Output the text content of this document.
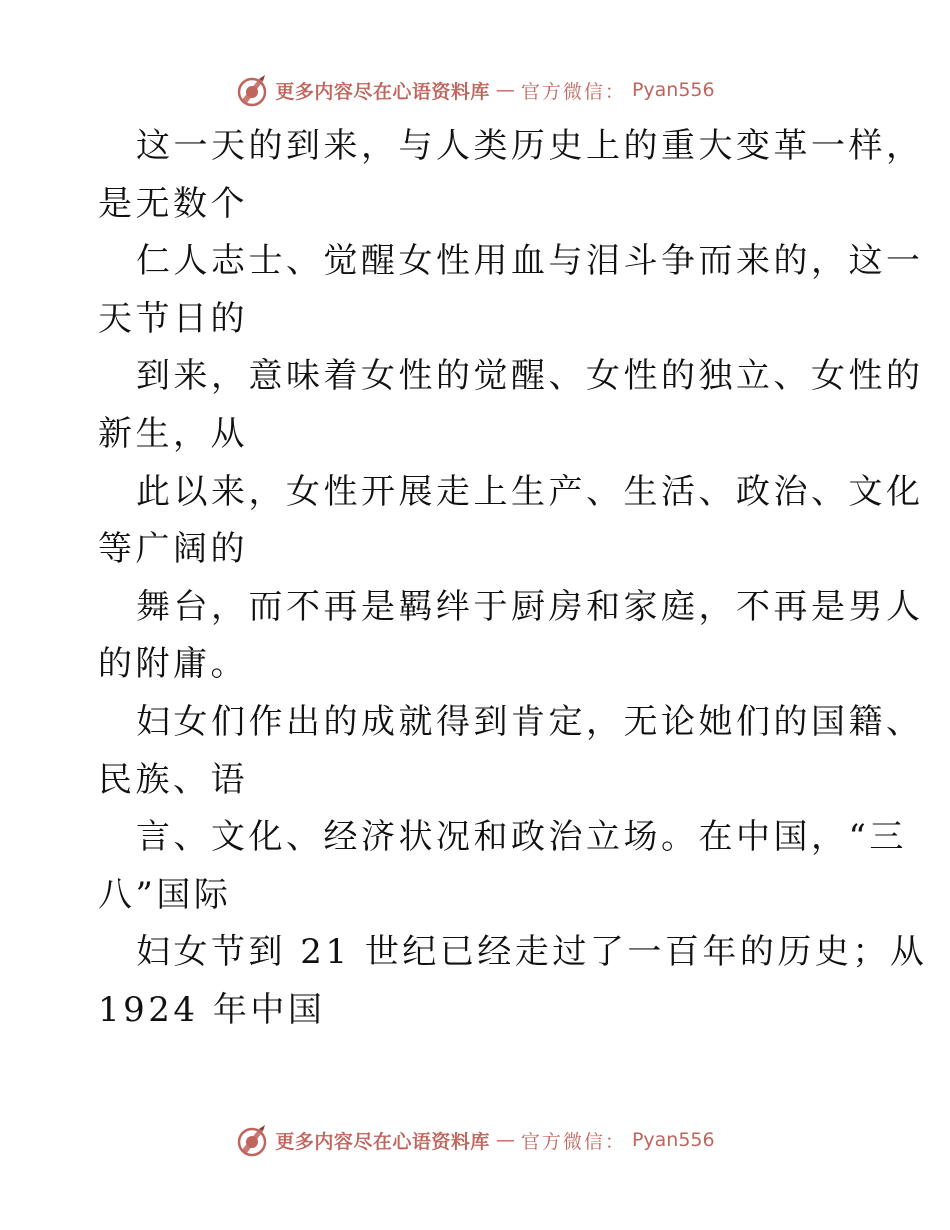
更多内容尽在心语资料库 — 官方微信： Pyan556
这一天的到来，与人类历史上的重大变革一样，
是无数个
仁人志士、觉醒女性用血与泪斗争而来的，这一
天节日的
到来，意味着女性的觉醒、女性的独立、女性的
新生，从
此以来，女性开展走上生产、生活、政治、文化
等广阔的
舞台，而不再是羁绊于厨房和家庭，不再是男人
的附庸。
妇女们作出的成就得到肯定，无论她们的国籍、
民族、语
言、文化、经济状况和政治立场。在中国，“三
八”国际
妇女节到 21 世纪已经走过了一百年的历史；从
1924 年中国
更多内容尽在心语资料库 — 官方微信： Pyan556
